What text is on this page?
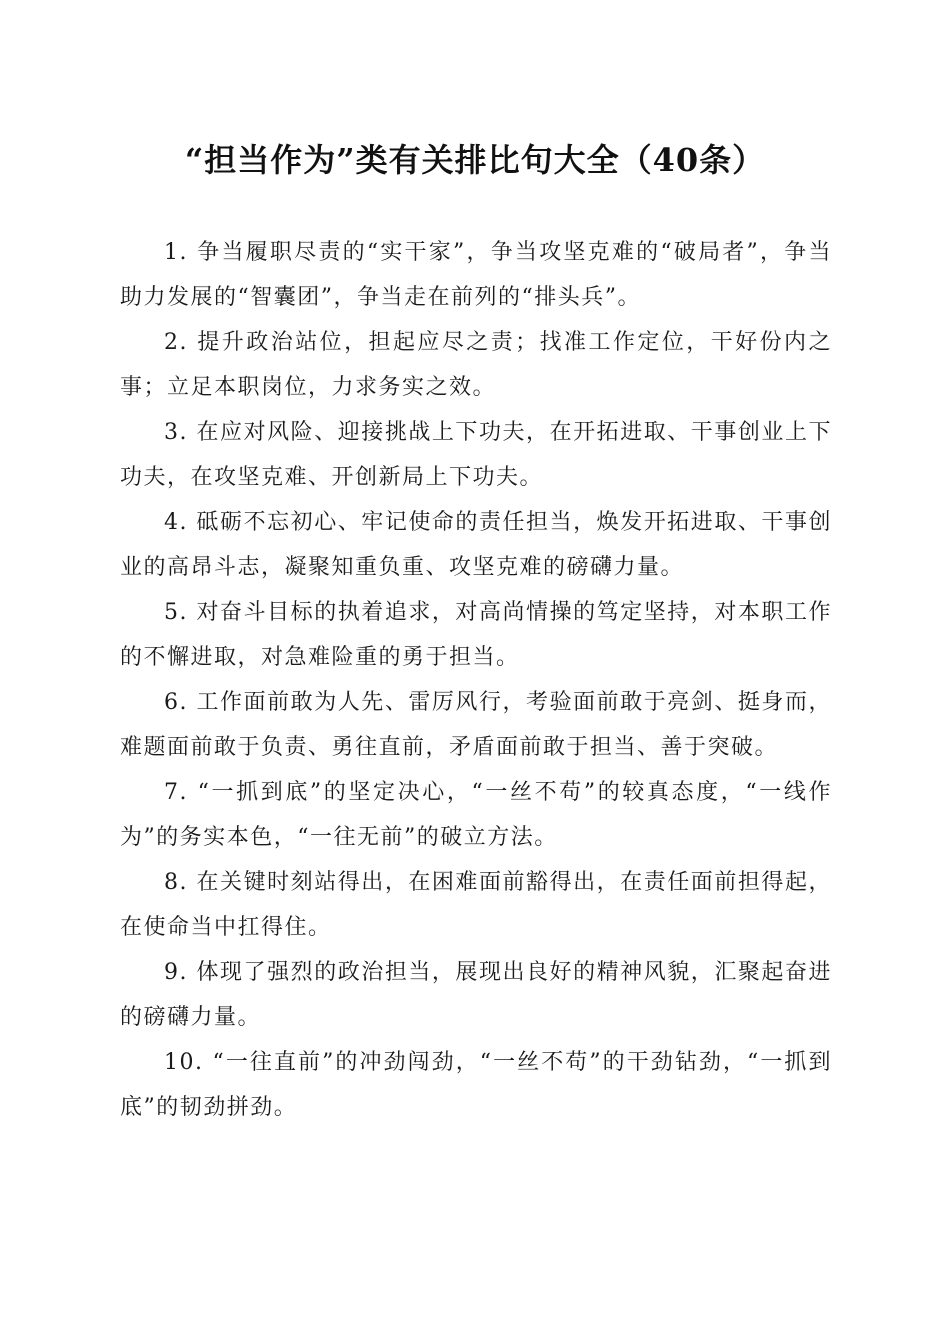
“担当作为”类有关排比句大全（40条）

1. 争当履职尽责的“实干家”，争当攻坚克难的“破局者”，争当助力发展的“智囊团”，争当走在前列的“排头兵”。

2. 提升政治站位，担起应尽之责；找准工作定位，干好份内之事；立足本职岗位，力求务实之效。

3. 在应对风险、迎接挑战上下功夫，在开拓进取、干事创业上下功夫，在攻坚克难、开创新局上下功夫。

4. 砥砺不忘初心、牢记使命的责任担当，焕发开拓进取、干事创业的高昂斗志，凝聚知重负重、攻坚克难的磅礴力量。

5. 对奋斗目标的执着追求，对高尚情操的笃定坚持，对本职工作的不懈进取，对急难险重的勇于担当。

6. 工作面前敢为人先、雷厉风行，考验面前敢于亮剑、挺身而，难题面前敢于负责、勇往直前，矛盾面前敢于担当、善于突破。

7. “一抓到底”的坚定决心，“一丝不苟”的较真态度，“一线作为”的务实本色，“一往无前”的破立方法。

8. 在关键时刻站得出，在困难面前豁得出，在责任面前担得起，在使命当中扛得住。

9. 体现了强烈的政治担当，展现出良好的精神风貌，汇聚起奋进的磅礴力量。

10. “一往直前”的冲劲闯劲，“一丝不苟”的干劲钻劲，“一抓到底”的韧劲拼劲。
